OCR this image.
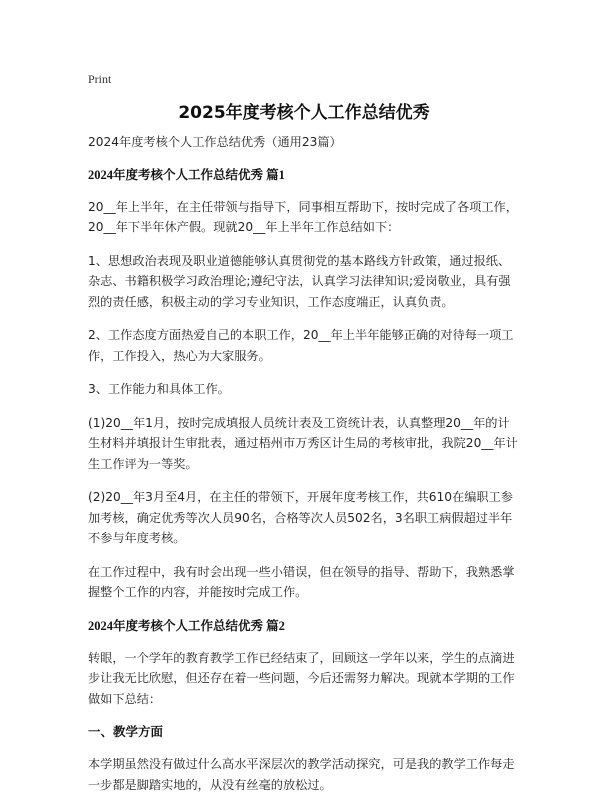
Print
2025年度考核个人工作总结优秀

2024年度考核个人工作总结优秀（通用23篇）

2024年度考核个人工作总结优秀 篇1

20__年上半年，在主任带领与指导下，同事相互帮助下，按时完成了各项工作，20__年下半年休产假。现就20__年上半年工作总结如下：

1、思想政治表现及职业道德能够认真贯彻党的基本路线方针政策，通过报纸、杂志、书籍积极学习政治理论;遵纪守法，认真学习法律知识;爱岗敬业，具有强烈的责任感，积极主动的学习专业知识，工作态度端正，认真负责。

2、工作态度方面热爱自己的本职工作，20__年上半年能够正确的对待每一项工作，工作投入，热心为大家服务。

3、工作能力和具体工作。

(1)20__年1月，按时完成填报人员统计表及工资统计表，认真整理20__年的计生材料并填报计生审批表，通过梧州市万秀区计生局的考核审批，我院20__年计生工作评为一等奖。

(2)20__年3月至4月，在主任的带领下，开展年度考核工作，共610在编职工参加考核，确定优秀等次人员90名，合格等次人员502名，3名职工病假超过半年不参与年度考核。

在工作过程中，我有时会出现一些小错误，但在领导的指导、帮助下，我熟悉掌握整个工作的内容，并能按时完成工作。

2024年度考核个人工作总结优秀 篇2

转眼，一个学年的教育教学工作已经结束了，回顾这一学年以来，学生的点滴进步让我无比欣慰，但还存在着一些问题，今后还需努力解决。现就本学期的工作做如下总结：

一、教学方面

本学期虽然没有做过什么高水平深层次的教学活动探究，可是我的教学工作每走一步都是脚踏实地的，从没有丝毫的放松过。
